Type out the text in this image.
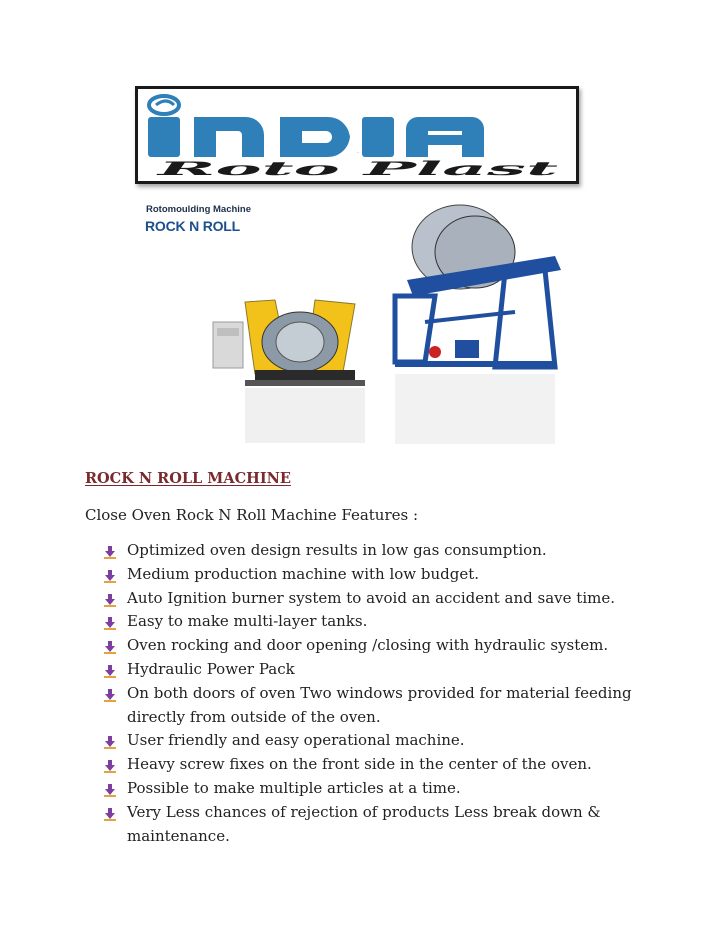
INDIA
Roto Plast
Rotomoulding Machine
ROCK N ROLL
ROCK N ROLL MACHINE
Close Oven Rock N Roll Machine Features :
Optimized oven design results in low gas consumption.
Medium production machine with low budget.
Auto Ignition burner system to avoid an accident and save time.
Easy to make multi-layer tanks.
Oven rocking and door opening /closing with hydraulic system.
Hydraulic Power Pack
On both doors of oven Two windows provided for material feeding directly from outside of the oven.
User friendly and easy operational machine.
Heavy screw fixes on the front side in the center of the oven.
Possible to make multiple articles at a time.
Very Less chances of rejection of products Less break down & maintenance.
